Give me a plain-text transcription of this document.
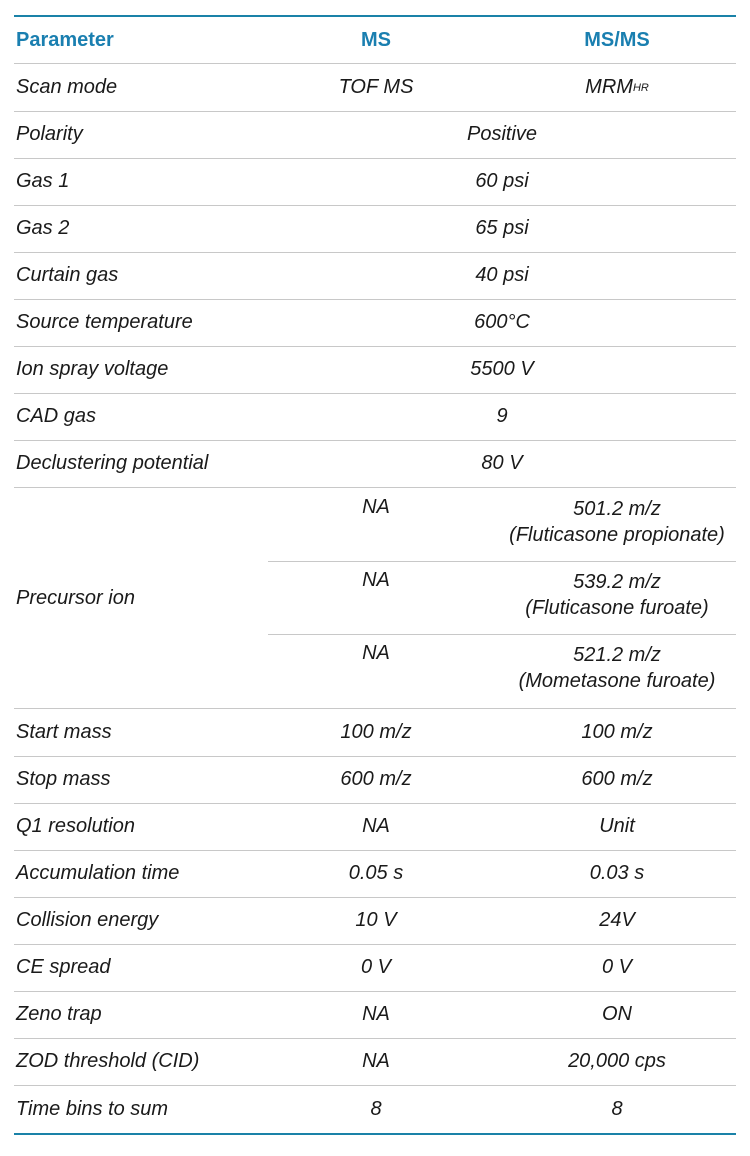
Parameter	MS	MS/MS
Scan mode	TOF MS	MRM HR
Polarity	Positive
Gas 1	60 psi
Gas 2	65 psi
Curtain gas	40 psi
Source temperature	600°C
Ion spray voltage	5500 V
CAD gas	9
Declustering potential	80 V
Precursor ion
NA	501.2 m/z
(Fluticasone propionate)
NA	539.2 m/z
(Fluticasone furoate)
NA	521.2 m/z
(Mometasone furoate)
Start mass	100 m/z	100 m/z
Stop mass	600 m/z	600 m/z
Q1 resolution	NA	Unit
Accumulation time	0.05 s	0.03 s
Collision energy	10 V	24V
CE spread	0 V	0 V
Zeno trap	NA	ON
ZOD threshold (CID)	NA	20,000 cps
Time bins to sum	8	8
